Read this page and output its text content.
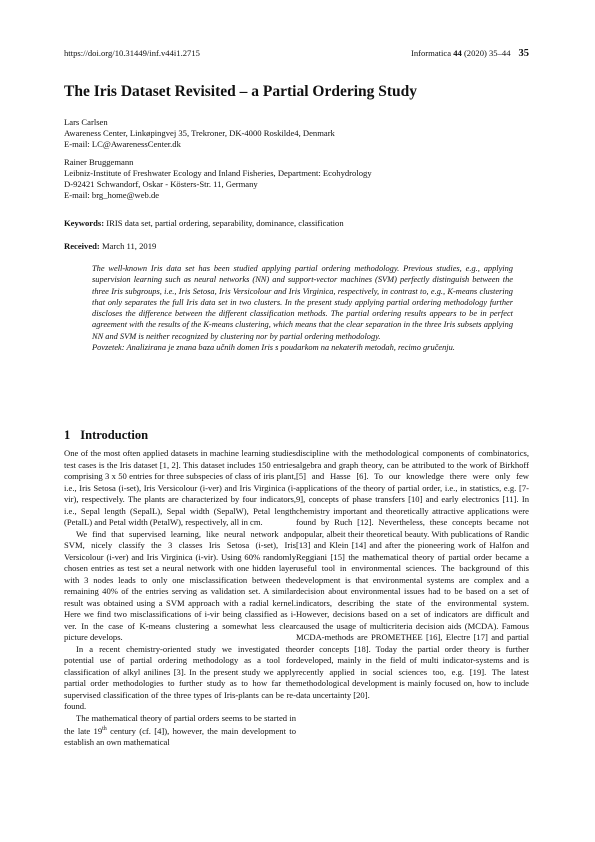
https://doi.org/10.31449/inf.v44i1.2715	Informatica 44 (2020) 35–44 35
The Iris Dataset Revisited – a Partial Ordering Study
Lars Carlsen
Awareness Center, Linkøpingvej 35, Trekroner, DK-4000 Roskilde4, Denmark
E-mail: LC@AwarenessCenter.dk
Rainer Bruggemann
Leibniz-Institute of Freshwater Ecology and Inland Fisheries, Department: Ecohydrology
D-92421 Schwandorf, Oskar - Kösters-Str. 11, Germany
E-mail: brg_home@web.de
Keywords: IRIS data set, partial ordering, separability, dominance, classification
Received: March 11, 2019

The well-known Iris data set has been studied applying partial ordering methodology. Previous studies, e.g., applying supervision learning such as neural networks (NN) and support-vector machines (SVM) perfectly distinguish between the three Iris subgroups, i.e., Iris Setosa, Iris Versicolour and Iris Virginica, respectively, in contrast to, e.g., K-means clustering that only separates the full Iris data set in two clusters. In the present study applying partial ordering methodology further discloses the difference between the different classification methods. The partial ordering results appears to be in perfect agreement with the results of the K-means clustering, which means that the clear separation in the three Iris subsets applying NN and SVM is neither recognized by clustering nor by partial ordering methodology.

Povzetek: Analizirana je znana baza učnih domen Iris s poudarkom na nekaterih metodah, recimo gručenju.

1 Introduction

One of the most often applied datasets in machine learning studies test cases is the Iris dataset [1, 2]. This dataset includes 150 entries comprising 3 x 50 entries for three subspecies of class of iris plant, i.e., Iris Setosa (i-set), Iris Versicolour (i-ver) and Iris Virginica (i-vir), respectively. The plants are characterized by four indicators, i.e., Sepal length (SepalL), Sepal width (SepalW), Petal length (PetalL) and Petal width (PetalW), respectively, all in cm.

We find that supervised learning, like neural network and SVM, nicely classify the 3 classes Iris Setosa (i-set), Iris Versicolour (i-ver) and Iris Virginica (i-vir). Using 60% randomly chosen entries as test set a neural network with one hidden layer with 3 nodes leads to only one misclassification between the remaining 40% of the entries serving as validation set. A similar result was obtained using a SVM approach with a radial kernel. Here we find two misclassifications of i-vir being classified as i-ver. In the case of K-means clustering a somewhat less clear picture develops.

In a recent chemistry-oriented study we investigated the potential use of partial ordering methodology as a tool for classification of alkyl anilines [3]. In the present study we apply partial order methodologies to further study as to how far the supervised classification of the three types of Iris-plants can be re-found.

The mathematical theory of partial orders seems to be started in the late 19th century (cf. [4]), however, the main development to establish an own mathematical

discipline with the methodological components of combinatorics, algebra and graph theory, can be attributed to the work of Birkhoff [5] and Hasse [6]. To our knowledge there were only few applications of the theory of partial order, i.e., in statistics, e.g. [7-9], concepts of phase transfers [10] and early electronics [11]. In chemistry important and theoretically attractive applications were found by Ruch [12]. Nevertheless, these concepts became not popular, albeit their theoretical beauty. With publications of Randic [13] and Klein [14] and after the pioneering work of Halfon and Reggiani [15] the mathematical theory of partial order became a useful tool in environmental sciences. The background of this development is that environmental systems are complex and a decision about environmental issues had to be based on a set of indicators, describing the state of the environmental system. However, decisions based on a set of indicators are difficult and caused the usage of multicriteria decision aids (MCDA). Famous MCDA-methods are PROMETHEE [16], Electre [17] and partial order concepts [18]. Today the partial order theory is further developed, mainly in the field of multi indicator-systems and is recently applied in social sciences too, e.g. [19]. The latest methodological development is mainly focused on, how to include data uncertainty [20].
